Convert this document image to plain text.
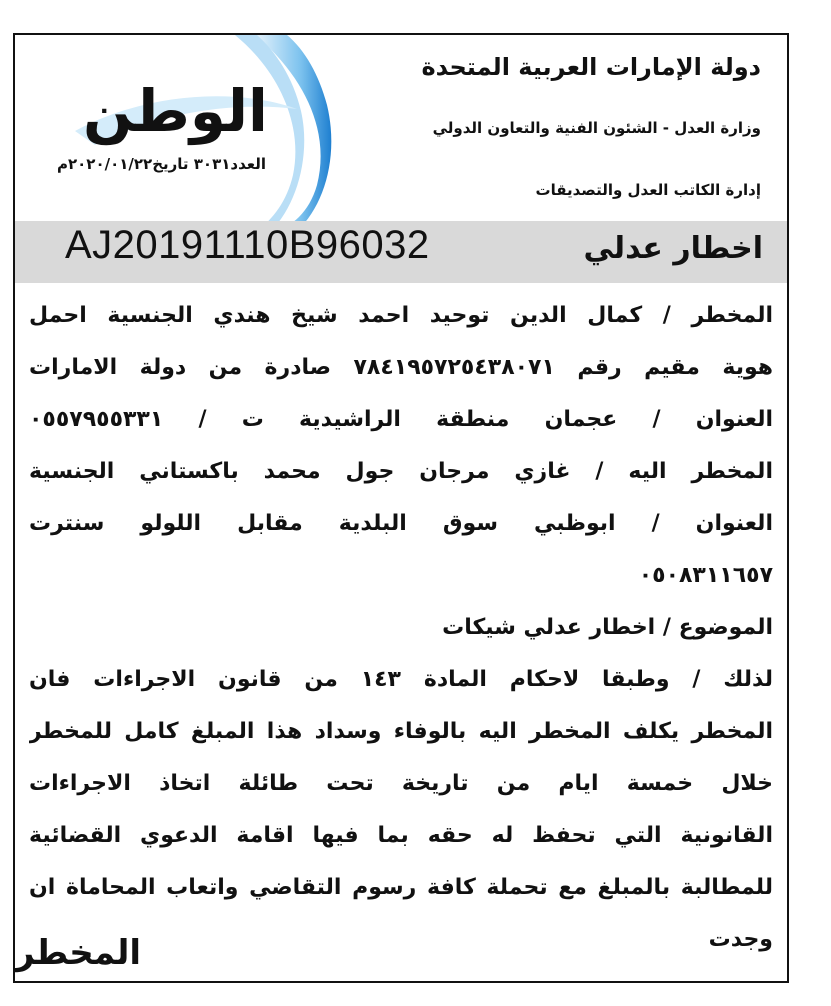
الوطن
العدد٣٠٣١ تاريخ٢٠٢٠/٠١/٢٢م
دولة الإمارات العربية المتحدة
وزارة العدل - الشئون الفنية والتعاون الدولي
إدارة الكاتب العدل والتصديقات
اخطار عدلي
AJ20191110B96032
المخطر / كمال الدين توحيد احمد شيخ هندي الجنسية احمل
هوية مقيم رقم ٧٨٤١٩٥٧٢٥٤٣٨٠٧١ صادرة من دولة الامارات
العنوان / عجمان منطقة الراشيدية ت / ٠٥٥٧٩٥٥٣٣١
المخطر اليه / غازي مرجان جول محمد باكستاني الجنسية
العنوان / ابوظبي سوق البلدية مقابل اللولو سنترت
٠٥٠٨٣١١٦٥٧
الموضوع / اخطار عدلي شيكات
لذلك / وطبقا لاحكام المادة ١٤٣ من قانون الاجراءات فان
المخطر يكلف المخطر اليه بالوفاء وسداد هذا المبلغ كامل للمخطر
خلال خمسة ايام من تاريخة تحت طائلة اتخاذ الاجراءات
القانونية التي تحفظ له حقه بما فيها اقامة الدعوي القضائية
للمطالبة بالمبلغ مع تحملة كافة رسوم التقاضي واتعاب المحاماة ان
وجدت
المخطر
